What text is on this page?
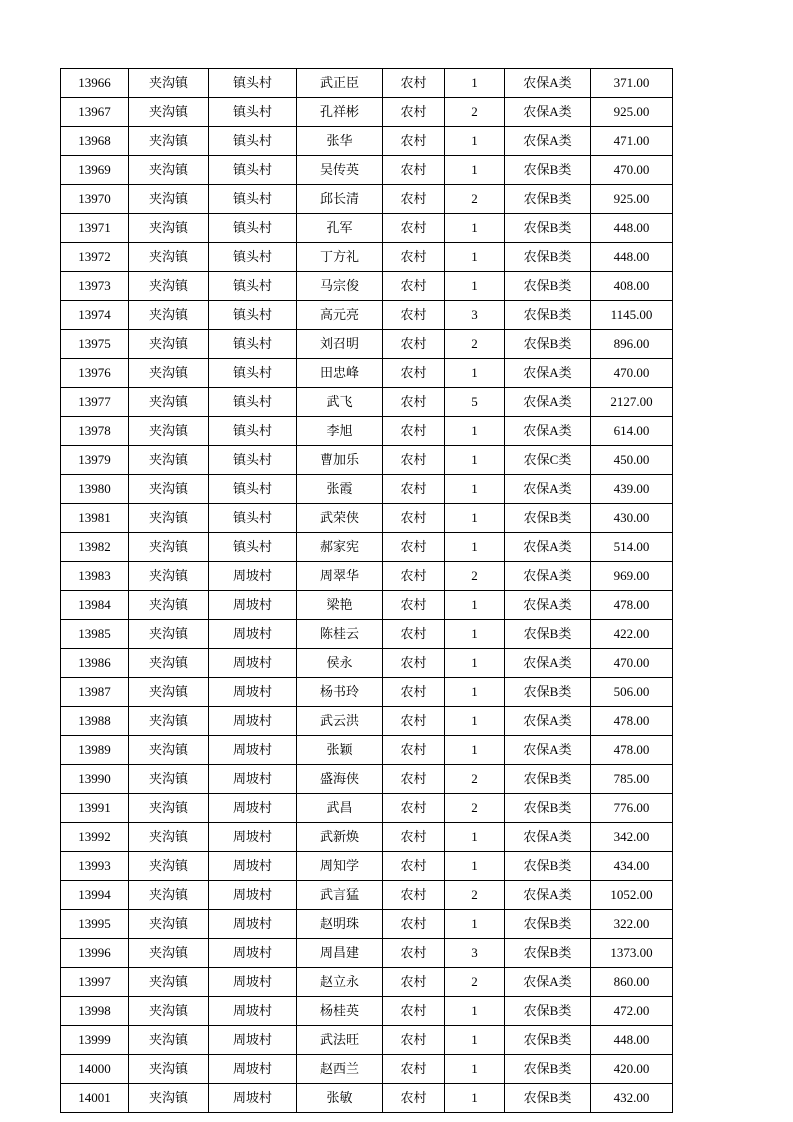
13966	夹沟镇	镇头村	武正臣	农村	1	农保A类	371.00
13967	夹沟镇	镇头村	孔祥彬	农村	2	农保A类	925.00
13968	夹沟镇	镇头村	张华	农村	1	农保A类	471.00
13969	夹沟镇	镇头村	吴传英	农村	1	农保B类	470.00
13970	夹沟镇	镇头村	邱长清	农村	2	农保B类	925.00
13971	夹沟镇	镇头村	孔军	农村	1	农保B类	448.00
13972	夹沟镇	镇头村	丁方礼	农村	1	农保B类	448.00
13973	夹沟镇	镇头村	马宗俊	农村	1	农保B类	408.00
13974	夹沟镇	镇头村	高元亮	农村	3	农保B类	1145.00
13975	夹沟镇	镇头村	刘召明	农村	2	农保B类	896.00
13976	夹沟镇	镇头村	田忠峰	农村	1	农保A类	470.00
13977	夹沟镇	镇头村	武飞	农村	5	农保A类	2127.00
13978	夹沟镇	镇头村	李旭	农村	1	农保A类	614.00
13979	夹沟镇	镇头村	曹加乐	农村	1	农保C类	450.00
13980	夹沟镇	镇头村	张霞	农村	1	农保A类	439.00
13981	夹沟镇	镇头村	武荣侠	农村	1	农保B类	430.00
13982	夹沟镇	镇头村	郝家宪	农村	1	农保A类	514.00
13983	夹沟镇	周坡村	周翠华	农村	2	农保A类	969.00
13984	夹沟镇	周坡村	梁艳	农村	1	农保A类	478.00
13985	夹沟镇	周坡村	陈桂云	农村	1	农保B类	422.00
13986	夹沟镇	周坡村	侯永	农村	1	农保A类	470.00
13987	夹沟镇	周坡村	杨书玲	农村	1	农保B类	506.00
13988	夹沟镇	周坡村	武云洪	农村	1	农保A类	478.00
13989	夹沟镇	周坡村	张颖	农村	1	农保A类	478.00
13990	夹沟镇	周坡村	盛海侠	农村	2	农保B类	785.00
13991	夹沟镇	周坡村	武昌	农村	2	农保B类	776.00
13992	夹沟镇	周坡村	武新焕	农村	1	农保A类	342.00
13993	夹沟镇	周坡村	周知学	农村	1	农保B类	434.00
13994	夹沟镇	周坡村	武言猛	农村	2	农保A类	1052.00
13995	夹沟镇	周坡村	赵明珠	农村	1	农保B类	322.00
13996	夹沟镇	周坡村	周昌建	农村	3	农保B类	1373.00
13997	夹沟镇	周坡村	赵立永	农村	2	农保A类	860.00
13998	夹沟镇	周坡村	杨桂英	农村	1	农保B类	472.00
13999	夹沟镇	周坡村	武法旺	农村	1	农保B类	448.00
14000	夹沟镇	周坡村	赵西兰	农村	1	农保B类	420.00
14001	夹沟镇	周坡村	张敏	农村	1	农保B类	432.00
